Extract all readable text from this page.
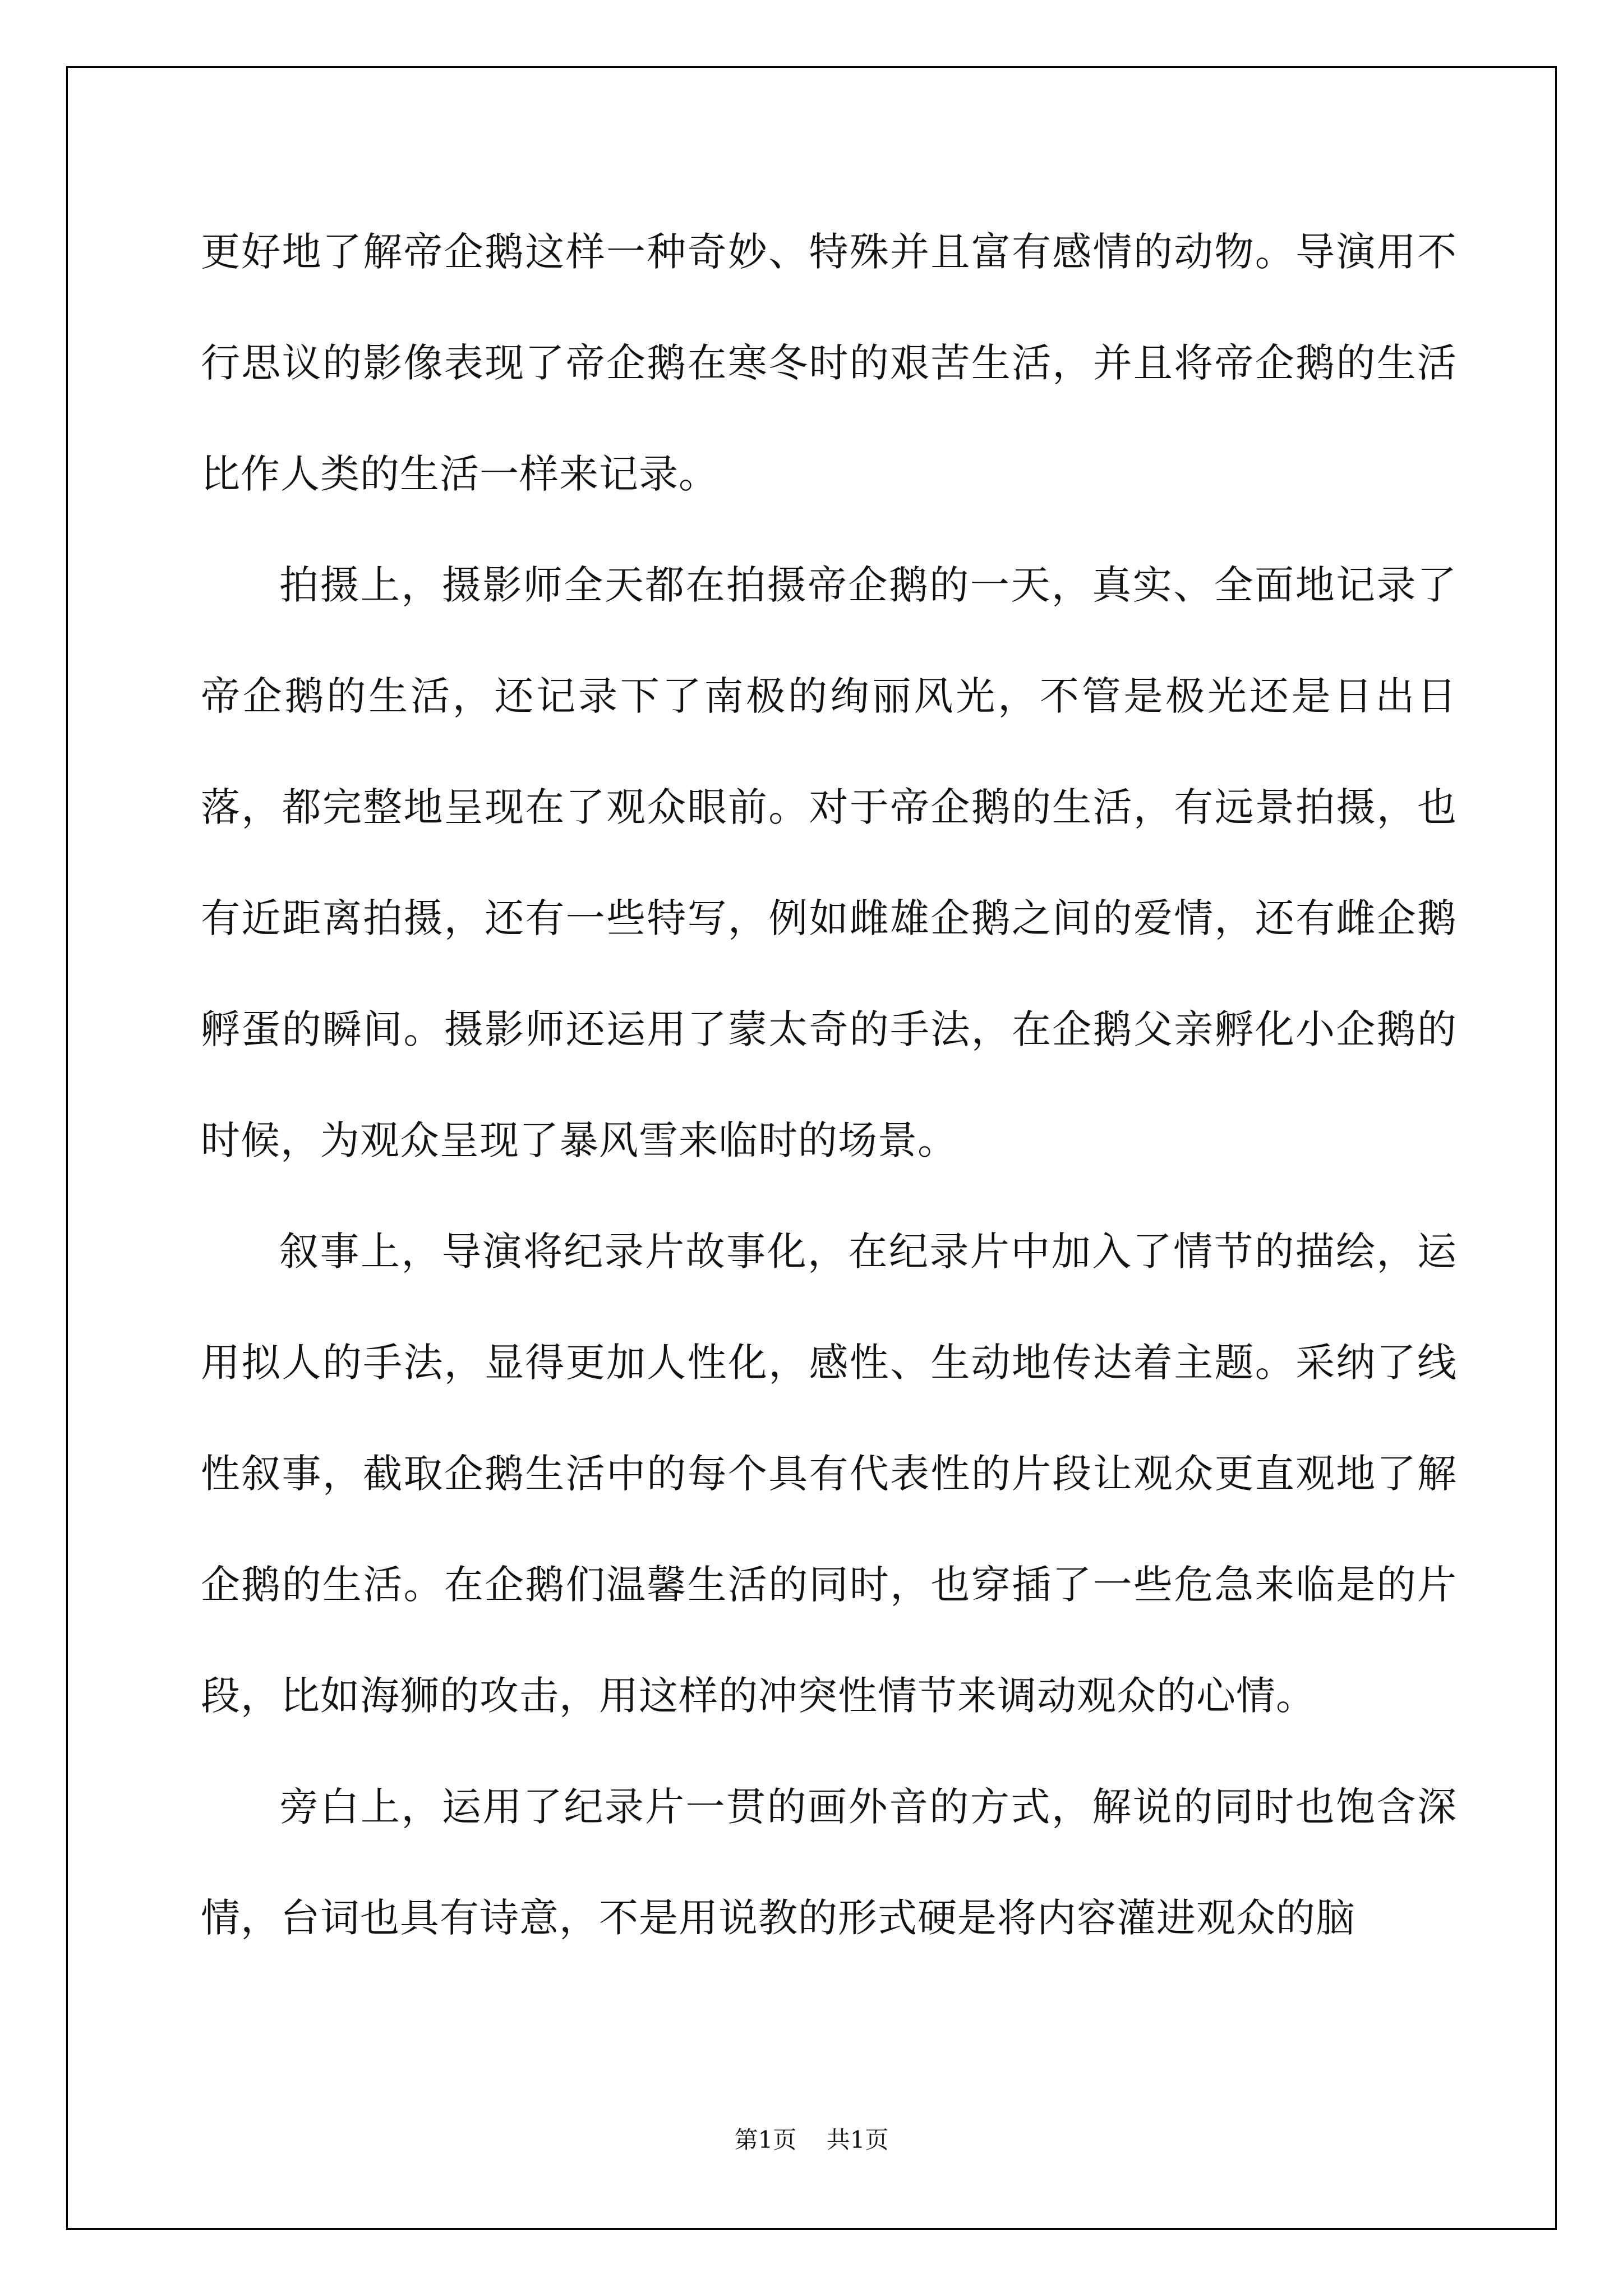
更好地了解帝企鹅这样一种奇妙、特殊并且富有感情的动物。导演用不行思议的影像表现了帝企鹅在寒冬时的艰苦生活，并且将帝企鹅的生活比作人类的生活一样来记录。

拍摄上，摄影师全天都在拍摄帝企鹅的一天，真实、全面地记录了帝企鹅的生活，还记录下了南极的绚丽风光，不管是极光还是日出日落，都完整地呈现在了观众眼前。对于帝企鹅的生活，有远景拍摄，也有近距离拍摄，还有一些特写，例如雌雄企鹅之间的爱情，还有雌企鹅孵蛋的瞬间。摄影师还运用了蒙太奇的手法，在企鹅父亲孵化小企鹅的时候，为观众呈现了暴风雪来临时的场景。

叙事上，导演将纪录片故事化，在纪录片中加入了情节的描绘，运用拟人的手法，显得更加人性化，感性、生动地传达着主题。采纳了线性叙事，截取企鹅生活中的每个具有代表性的片段让观众更直观地了解企鹅的生活。在企鹅们温馨生活的同时，也穿插了一些危急来临是的片段，比如海狮的攻击，用这样的冲突性情节来调动观众的心情。

旁白上，运用了纪录片一贯的画外音的方式，解说的同时也饱含深情，台词也具有诗意，不是用说教的形式硬是将内容灌进观众的脑

第1页 共1页
